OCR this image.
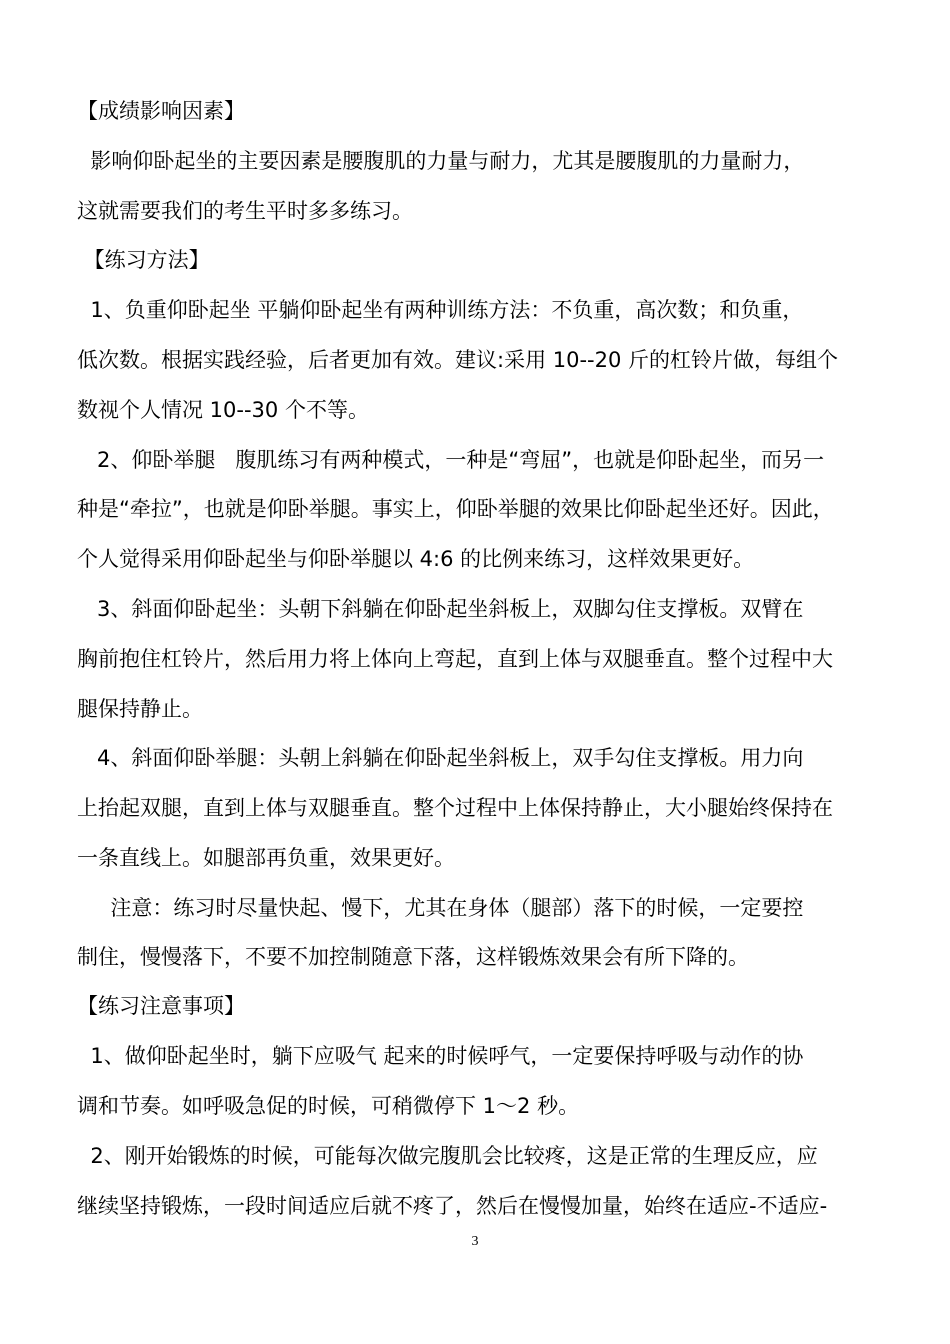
【成绩影响因素】
影响仰卧起坐的主要因素是腰腹肌的力量与耐力，尤其是腰腹肌的力量耐力，
这就需要我们的考生平时多多练习。
【练习方法】
1、负重仰卧起坐 平躺仰卧起坐有两种训练方法：不负重，高次数；和负重，
低次数。根据实践经验，后者更加有效。建议:采用 10--20 斤的杠铃片做，每组个
数视个人情况 10--30 个不等。
2、仰卧举腿   腹肌练习有两种模式，一种是“弯屈”，也就是仰卧起坐，而另一
种是“牵拉”，也就是仰卧举腿。事实上，仰卧举腿的效果比仰卧起坐还好。因此，
个人觉得采用仰卧起坐与仰卧举腿以 4:6 的比例来练习，这样效果更好。
3、斜面仰卧起坐：头朝下斜躺在仰卧起坐斜板上，双脚勾住支撑板。双臂在
胸前抱住杠铃片，然后用力将上体向上弯起，直到上体与双腿垂直。整个过程中大
腿保持静止。
4、斜面仰卧举腿：头朝上斜躺在仰卧起坐斜板上，双手勾住支撑板。用力向
上抬起双腿，直到上体与双腿垂直。整个过程中上体保持静止，大小腿始终保持在
一条直线上。如腿部再负重，效果更好。
注意：练习时尽量快起、慢下，尤其在身体（腿部）落下的时候，一定要控
制住，慢慢落下，不要不加控制随意下落，这样锻炼效果会有所下降的。
【练习注意事项】
1、做仰卧起坐时，躺下应吸气 起来的时候呼气，一定要保持呼吸与动作的协
调和节奏。如呼吸急促的时候，可稍微停下 1～2 秒。
2、刚开始锻炼的时候，可能每次做完腹肌会比较疼，这是正常的生理反应，应
继续坚持锻炼，一段时间适应后就不疼了，然后在慢慢加量，始终在适应-不适应-
3
